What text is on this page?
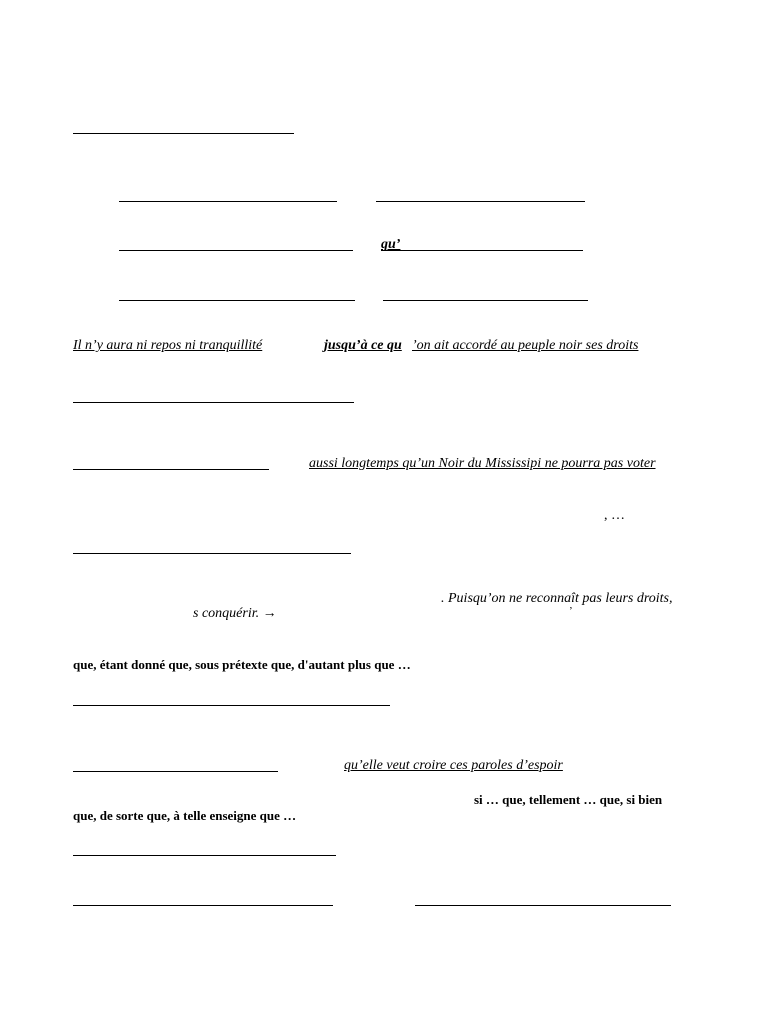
qu’
Il n’y aura ni repos ni tranquillité	jusqu’à ce qu ’on ait accordé au peuple noir ses droits
aussi longtemps qu’un Noir du Mississipi ne pourra pas voter
, …
. Puisqu’on ne reconnaît pas leurs droits,
s conquérir. →	’
que, étant donné que, sous prétexte que, d'autant plus que …
qu’elle veut croire ces paroles d’espoir
si … que, tellement … que, si bien
que, de sorte que, à telle enseigne que …
